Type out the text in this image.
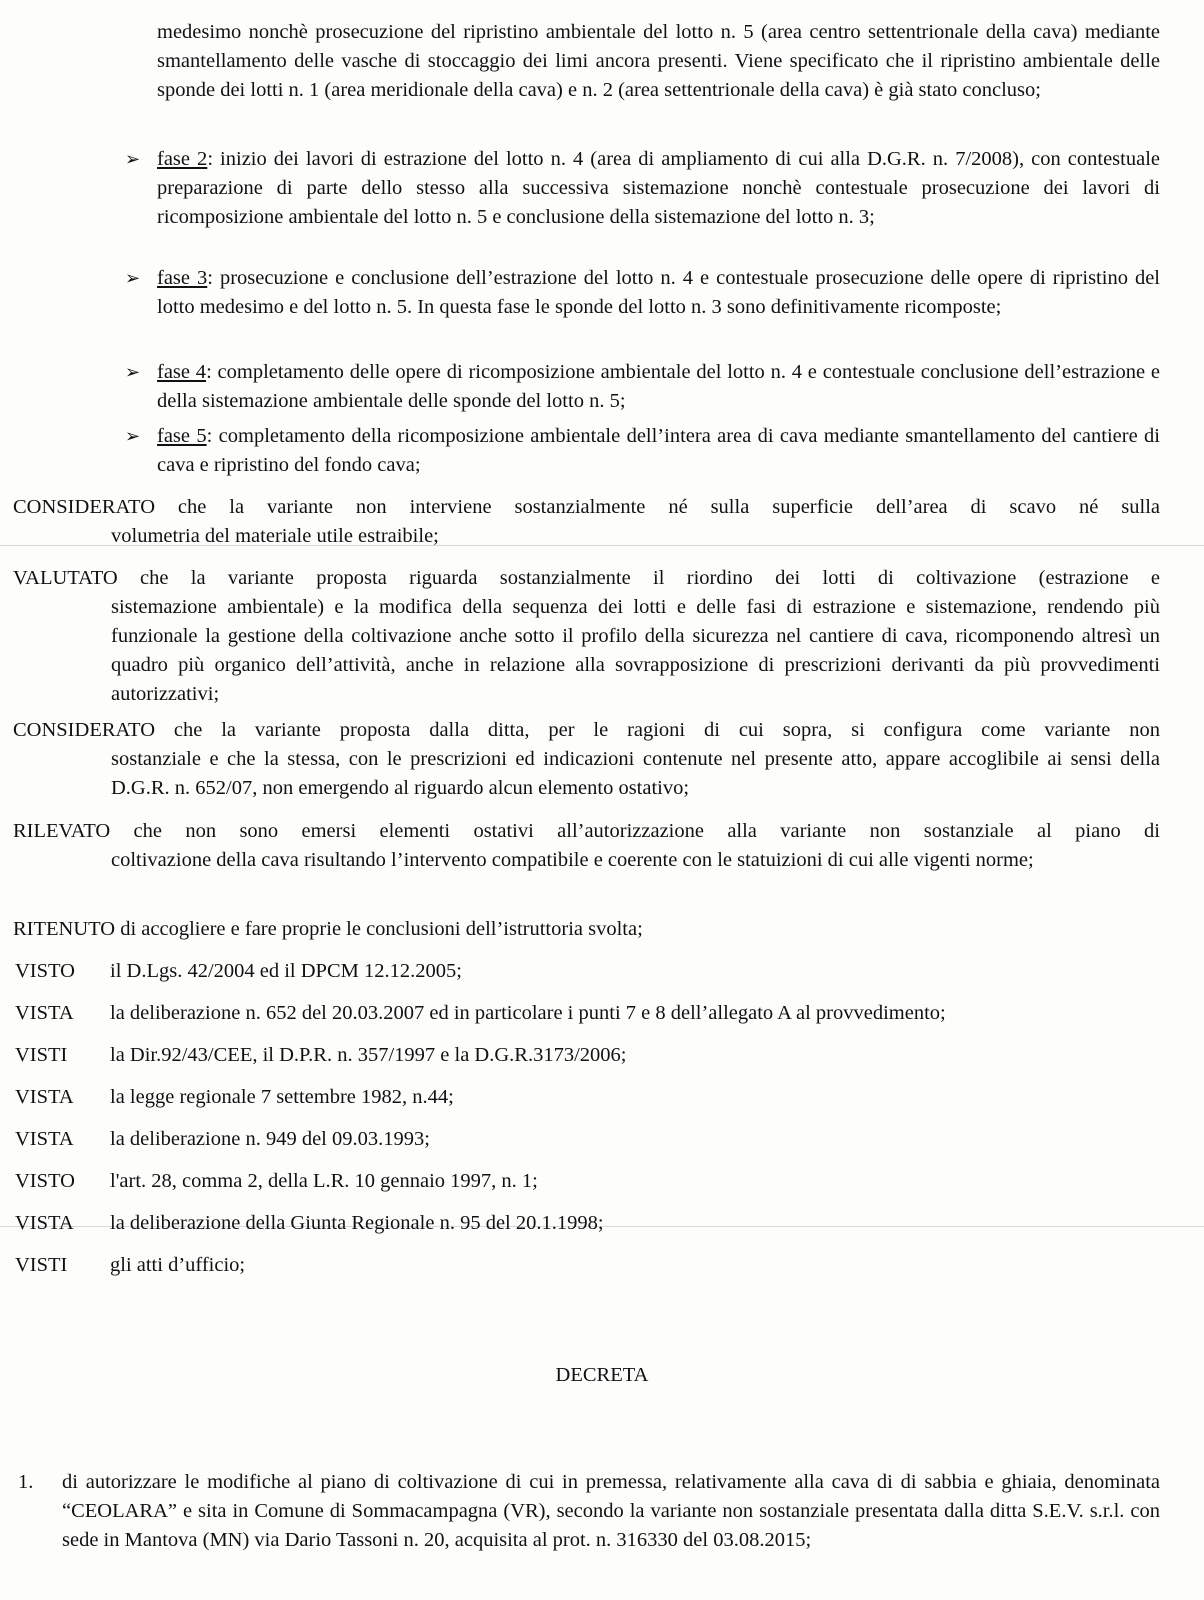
medesimo nonchè prosecuzione del ripristino ambientale del lotto n. 5 (area centro settentrionale della cava) mediante smantellamento delle vasche di stoccaggio dei limi ancora presenti. Viene specificato che il ripristino ambientale delle sponde dei lotti n. 1 (area meridionale della cava) e n. 2 (area settentrionale della cava) è già stato concluso;
➢ fase 2: inizio dei lavori di estrazione del lotto n. 4 (area di ampliamento di cui alla D.G.R. n. 7/2008), con contestuale preparazione di parte dello stesso alla successiva sistemazione nonchè contestuale prosecuzione dei lavori di ricomposizione ambientale del lotto n. 5 e conclusione della sistemazione del lotto n. 3;
➢ fase 3: prosecuzione e conclusione dell’estrazione del lotto n. 4 e contestuale prosecuzione delle opere di ripristino del lotto medesimo e del lotto n. 5. In questa fase le sponde del lotto n. 3 sono definitivamente ricomposte;
➢ fase 4: completamento delle opere di ricomposizione ambientale del lotto n. 4 e contestuale conclusione dell’estrazione e della sistemazione ambientale delle sponde del lotto n. 5;
➢ fase 5: completamento della ricomposizione ambientale dell’intera area di cava mediante smantellamento del cantiere di cava e ripristino del fondo cava;
CONSIDERATO che la variante non interviene sostanzialmente né sulla superficie dell’area di scavo né sulla
volumetria del materiale utile estraibile;
VALUTATO che la variante proposta riguarda sostanzialmente il riordino dei lotti di coltivazione (estrazione e
sistemazione ambientale) e la modifica della sequenza dei lotti e delle fasi di estrazione e sistemazione, rendendo più funzionale la gestione della coltivazione anche sotto il profilo della sicurezza nel cantiere di cava, ricomponendo altresì un quadro più organico dell’attività, anche in relazione alla sovrapposizione di prescrizioni derivanti da più provvedimenti autorizzativi;
CONSIDERATO che la variante proposta dalla ditta, per le ragioni di cui sopra, si configura come variante non
sostanziale e che la stessa, con le prescrizioni ed indicazioni contenute nel presente atto, appare accoglibile ai sensi della D.G.R. n. 652/07, non emergendo al riguardo alcun elemento ostativo;
RILEVATO che non sono emersi elementi ostativi all’autorizzazione alla variante non sostanziale al piano di
coltivazione della cava risultando l’intervento compatibile e coerente con le statuizioni di cui alle vigenti norme;
RITENUTO di accogliere e fare proprie le conclusioni dell’istruttoria svolta;
VISTO il D.Lgs. 42/2004 ed il DPCM 12.12.2005;
VISTA la deliberazione n. 652 del 20.03.2007 ed in particolare i punti 7 e 8 dell’allegato A al provvedimento;
VISTI la Dir.92/43/CEE, il D.P.R. n. 357/1997 e la D.G.R.3173/2006;
VISTA la legge regionale 7 settembre 1982, n.44;
VISTA la deliberazione n. 949 del 09.03.1993;
VISTO l'art. 28, comma 2, della L.R. 10 gennaio 1997, n. 1;
VISTA la deliberazione della Giunta Regionale n. 95 del 20.1.1998;
VISTI gli atti d’ufficio;
DECRETA
1. di autorizzare le modifiche al piano di coltivazione di cui in premessa, relativamente alla cava di di sabbia e ghiaia, denominata “CEOLARA” e sita in Comune di Sommacampagna (VR), secondo la variante non sostanziale presentata dalla ditta S.E.V. s.r.l. con sede in Mantova (MN) via Dario Tassoni n. 20, acquisita al prot. n. 316330 del 03.08.2015;
